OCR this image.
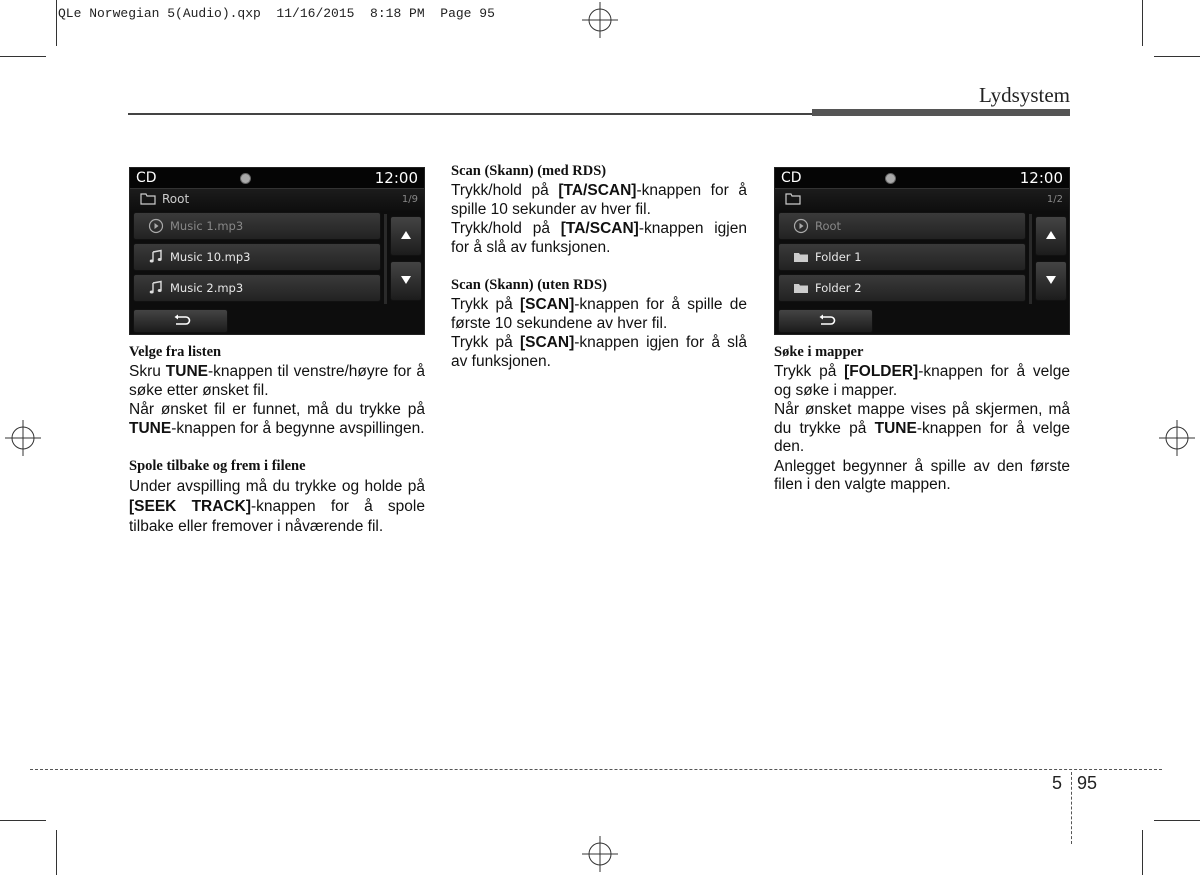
QLe Norwegian 5(Audio).qxp  11/16/2015  8:18 PM  Page 95
Lydsystem
CD	12:00
Root	1/9
Music 1.mp3
Music 10.mp3
Music 2.mp3
CD	12:00
1/2
Root
Folder 1
Folder 2
Velge fra listen

Skru TUNE-knappen til venstre/høyre for å søke etter ønsket fil.

Når ønsket fil er funnet, må du trykke på TUNE-knappen for å begynne avspillingen.

Spole tilbake og frem i filene

Under avspilling må du trykke og holde på [SEEK TRACK]-knappen for å spole tilbake eller fremover i nåværende fil.

Scan (Skann) (med RDS)

Trykk/hold på [TA/SCAN]-knappen for å spille 10 sekunder av hver fil.

Trykk/hold på [TA/SCAN]-knappen igjen for å slå av funksjonen.

Scan (Skann) (uten RDS)

Trykk på [SCAN]-knappen for å spille de første 10 sekundene av hver fil.

Trykk på [SCAN]-knappen igjen for å slå av funksjonen.

Søke i mapper

Trykk på [FOLDER]-knappen for å velge og søke i mapper.

Når ønsket mappe vises på skjermen, må du trykke på TUNE-knappen for å velge den.

Anlegget begynner å spille av den første filen i den valgte mappen.

5 95
